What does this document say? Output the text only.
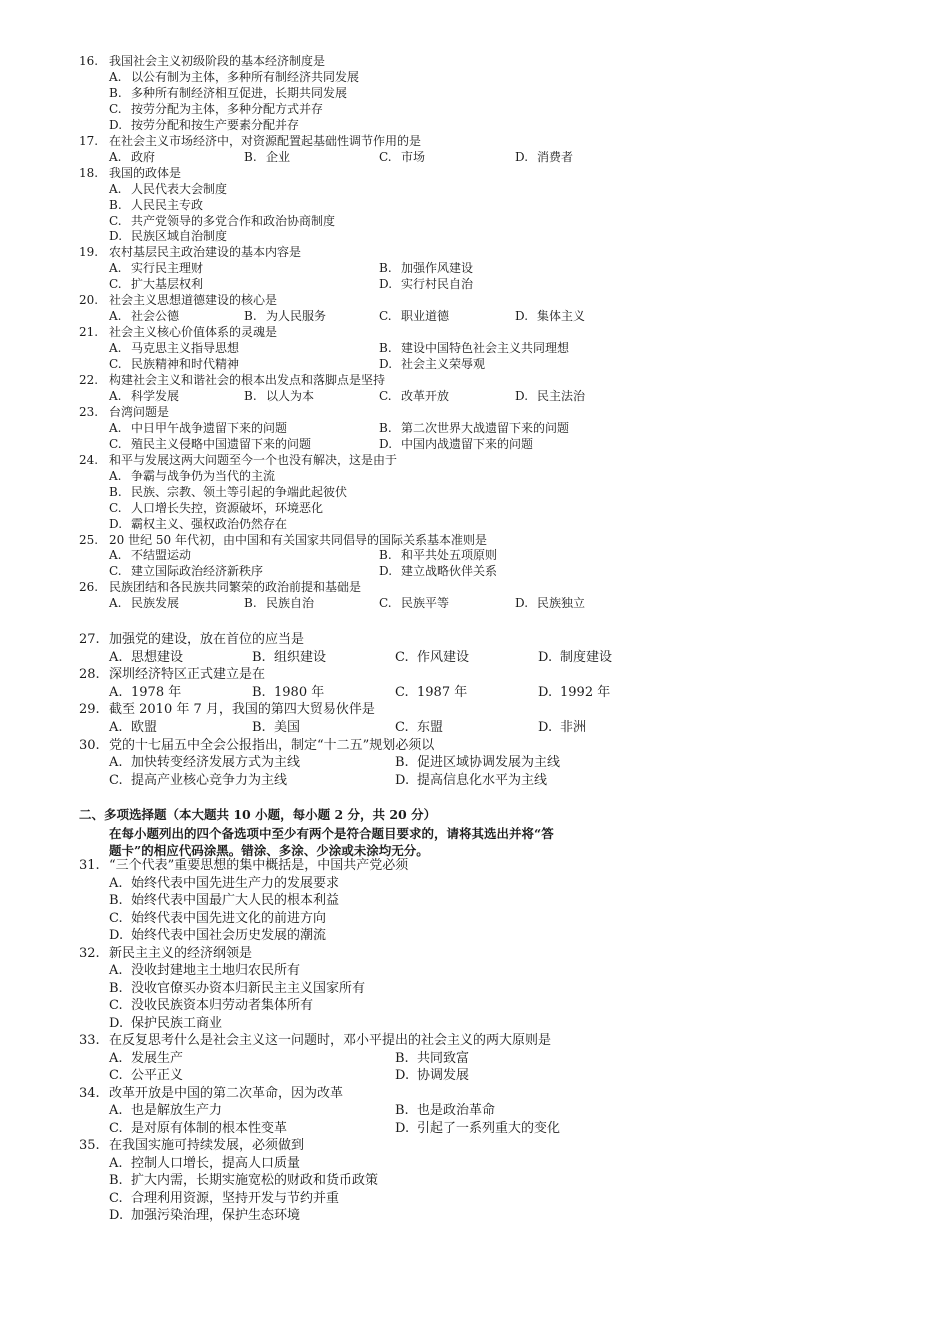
16. 我国社会主义初级阶段的基本经济制度是
A. 以公有制为主体，多种所有制经济共同发展
B. 多种所有制经济相互促进，长期共同发展
C. 按劳分配为主体，多种分配方式并存
D. 按劳分配和按生产要素分配并存
17. 在社会主义市场经济中，对资源配置起基础性调节作用的是
A. 政府	B. 企业	C. 市场	D. 消费者
18. 我国的政体是
A. 人民代表大会制度
B. 人民民主专政
C. 共产党领导的多党合作和政治协商制度
D. 民族区域自治制度
19. 农村基层民主政治建设的基本内容是
A. 实行民主理财	B. 加强作风建设
C. 扩大基层权利	D. 实行村民自治
20. 社会主义思想道德建设的核心是
A. 社会公德	B. 为人民服务	C. 职业道德	D. 集体主义
21. 社会主义核心价值体系的灵魂是
A. 马克思主义指导思想	B. 建设中国特色社会主义共同理想
C. 民族精神和时代精神	D. 社会主义荣辱观
22. 构建社会主义和谐社会的根本出发点和落脚点是坚持
A. 科学发展	B. 以人为本	C. 改革开放	D. 民主法治
23. 台湾问题是
A. 中日甲午战争遗留下来的问题	B. 第二次世界大战遗留下来的问题
C. 殖民主义侵略中国遗留下来的问题	D. 中国内战遗留下来的问题
24. 和平与发展这两大问题至今一个也没有解决，这是由于
A. 争霸与战争仍为当代的主流
B. 民族、宗教、领土等引起的争端此起彼伏
C. 人口增长失控，资源破坏，环境恶化
D. 霸权主义、强权政治仍然存在
25. 20 世纪 50 年代初，由中国和有关国家共同倡导的国际关系基本准则是
A. 不结盟运动	B. 和平共处五项原则
C. 建立国际政治经济新秩序	D. 建立战略伙伴关系
26. 民族团结和各民族共同繁荣的政治前提和基础是
A. 民族发展	B. 民族自治	C. 民族平等	D. 民族独立
27. 加强党的建设，放在首位的应当是
A. 思想建设	B. 组织建设	C. 作风建设	D. 制度建设
28. 深圳经济特区正式建立是在
A. 1978 年	B. 1980 年	C. 1987 年	D. 1992 年
29. 截至 2010 年 7 月，我国的第四大贸易伙伴是
A. 欧盟	B. 美国	C. 东盟	D. 非洲
30. 党的十七届五中全会公报指出，制定“十二五”规划必须以
A. 加快转变经济发展方式为主线	B. 促进区域协调发展为主线
C. 提高产业核心竞争力为主线	D. 提高信息化水平为主线
二、多项选择题（本大题共 10 小题，每小题 2 分，共 20 分）
在每小题列出的四个备选项中至少有两个是符合题目要求的，请将其选出并将“答
题卡”的相应代码涂黑。错涂、多涂、少涂或未涂均无分。
31. “三个代表”重要思想的集中概括是，中国共产党必须
A. 始终代表中国先进生产力的发展要求
B. 始终代表中国最广大人民的根本利益
C. 始终代表中国先进文化的前进方向
D. 始终代表中国社会历史发展的潮流
32. 新民主主义的经济纲领是
A. 没收封建地主土地归农民所有
B. 没收官僚买办资本归新民主主义国家所有
C. 没收民族资本归劳动者集体所有
D. 保护民族工商业
33. 在反复思考什么是社会主义这一问题时，邓小平提出的社会主义的两大原则是
A. 发展生产	B. 共同致富
C. 公平正义	D. 协调发展
34. 改革开放是中国的第二次革命，因为改革
A. 也是解放生产力	B. 也是政治革命
C. 是对原有体制的根本性变革	D. 引起了一系列重大的变化
35. 在我国实施可持续发展，必须做到
A. 控制人口增长，提高人口质量
B. 扩大内需，长期实施宽松的财政和货币政策
C. 合理利用资源，坚持开发与节约并重
D. 加强污染治理，保护生态环境
